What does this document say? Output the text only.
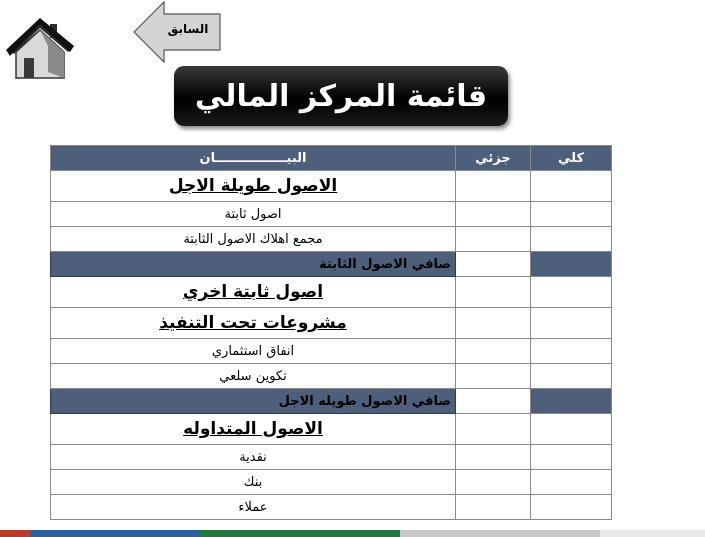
السابق
قائمة المركز المالي
البيــــــــــــــــان	جزئي	كلي
الاصول طويلة الاجل		
اصول ثابتة		
مجمع اهلاك الاصول الثابتة		
صافي الاصول الثابتة		
اصول ثابتة اخري		
مشروعات تحت التنفيذ		
انفاق استثماري		
تكوين سلعي		
صافي الاصول طويله الاجل		
الاصول المتداوله		
نقدية		
بنك		
عملاء		
